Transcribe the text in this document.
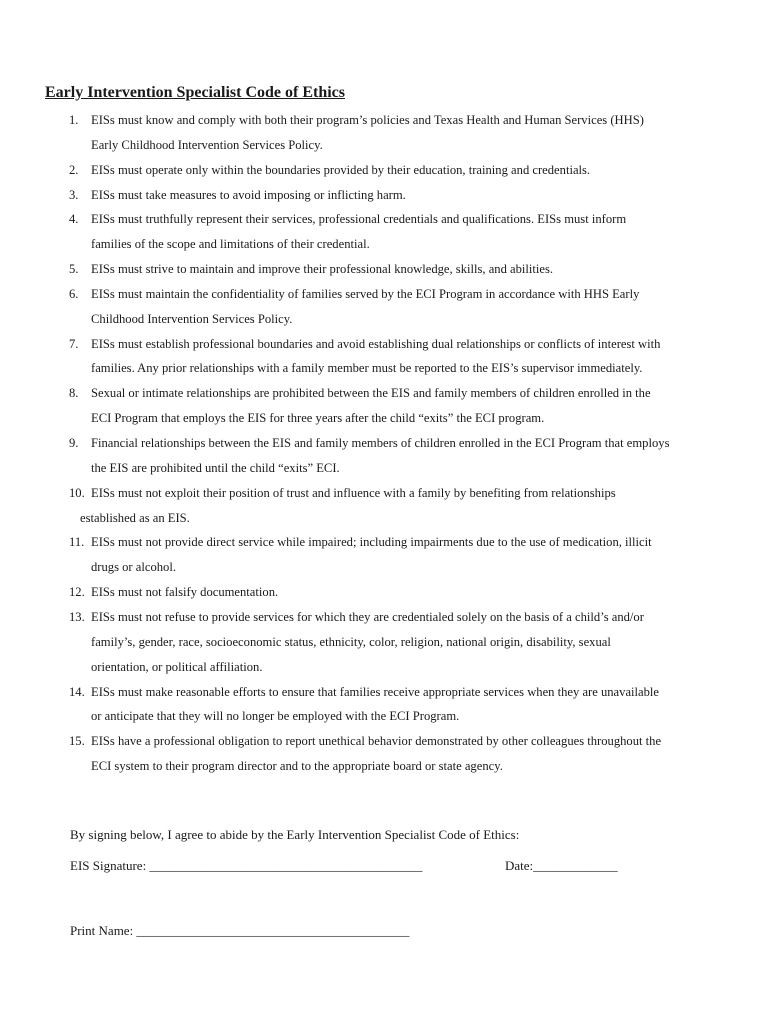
Early Intervention Specialist Code of Ethics
1. EISs must know and comply with both their program’s policies and Texas Health and Human Services (HHS)
Early Childhood Intervention Services Policy.
2. EISs must operate only within the boundaries provided by their education, training and credentials.
3. EISs must take measures to avoid imposing or inflicting harm.
4. EISs must truthfully represent their services, professional credentials and qualifications. EISs must inform
families of the scope and limitations of their credential.
5. EISs must strive to maintain and improve their professional knowledge, skills, and abilities.
6. EISs must maintain the confidentiality of families served by the ECI Program in accordance with HHS Early
Childhood Intervention Services Policy.
7. EISs must establish professional boundaries and avoid establishing dual relationships or conflicts of interest with
families. Any prior relationships with a family member must be reported to the EIS’s supervisor immediately.
8. Sexual or intimate relationships are prohibited between the EIS and family members of children enrolled in the
ECI Program that employs the EIS for three years after the child “exits” the ECI program.
9. Financial relationships between the EIS and family members of children enrolled in the ECI Program that employs
the EIS are prohibited until the child “exits” ECI.
10. EISs must not exploit their position of trust and influence with a family by benefiting from relationships
established as an EIS.
11. EISs must not provide direct service while impaired; including impairments due to the use of medication, illicit
drugs or alcohol.
12. EISs must not falsify documentation.
13. EISs must not refuse to provide services for which they are credentialed solely on the basis of a child’s and/or
family’s, gender, race, socioeconomic status, ethnicity, color, religion, national origin, disability, sexual
orientation, or political affiliation.
14. EISs must make reasonable efforts to ensure that families receive appropriate services when they are unavailable
or anticipate that they will no longer be employed with the ECI Program.
15. EISs have a professional obligation to report unethical behavior demonstrated by other colleagues throughout the
ECI system to their program director and to the appropriate board or state agency.
By signing below, I agree to abide by the Early Intervention Specialist Code of Ethics:
EIS Signature: __________________________________________	Date:_____________
Print Name: __________________________________________
